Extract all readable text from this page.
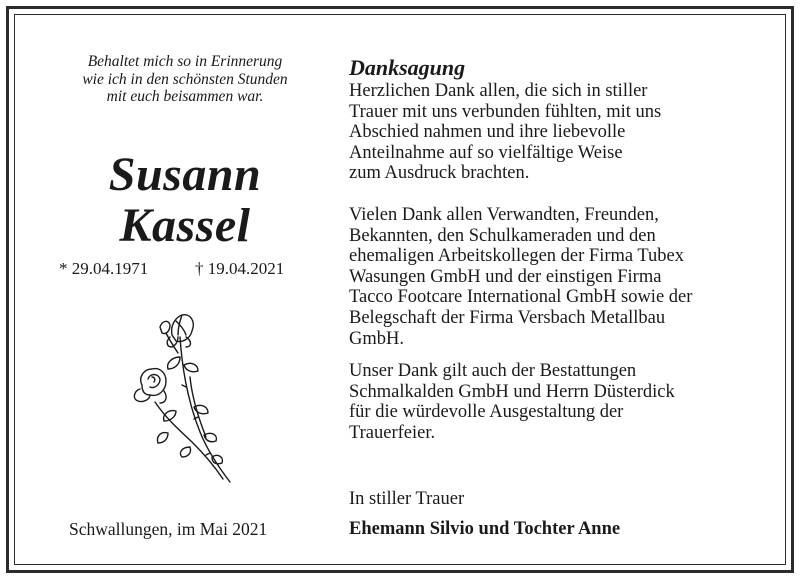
Behaltet mich so in Erinnerung
wie ich in den schönsten Stunden
mit euch beisammen war.
Susann
Kassel
* 29.04.1971	† 19.04.2021
Schwallungen, im Mai 2021
Danksagung
Herzlichen Dank allen, die sich in stiller
Trauer mit uns verbunden fühlten, mit uns
Abschied nahmen und ihre liebevolle
Anteilnahme auf so vielfältige Weise
zum Ausdruck brachten.
Vielen Dank allen Verwandten, Freunden,
Bekannten, den Schulkameraden und den
ehemaligen Arbeitskollegen der Firma Tubex
Wasungen GmbH und der einstigen Firma
Tacco Footcare International GmbH sowie der
Belegschaft der Firma Versbach Metallbau
GmbH.
Unser Dank gilt auch der Bestattungen
Schmalkalden GmbH und Herrn Düsterdick
für die würdevolle Ausgestaltung der
Trauerfeier.
In stiller Trauer
Ehemann Silvio und Tochter Anne
